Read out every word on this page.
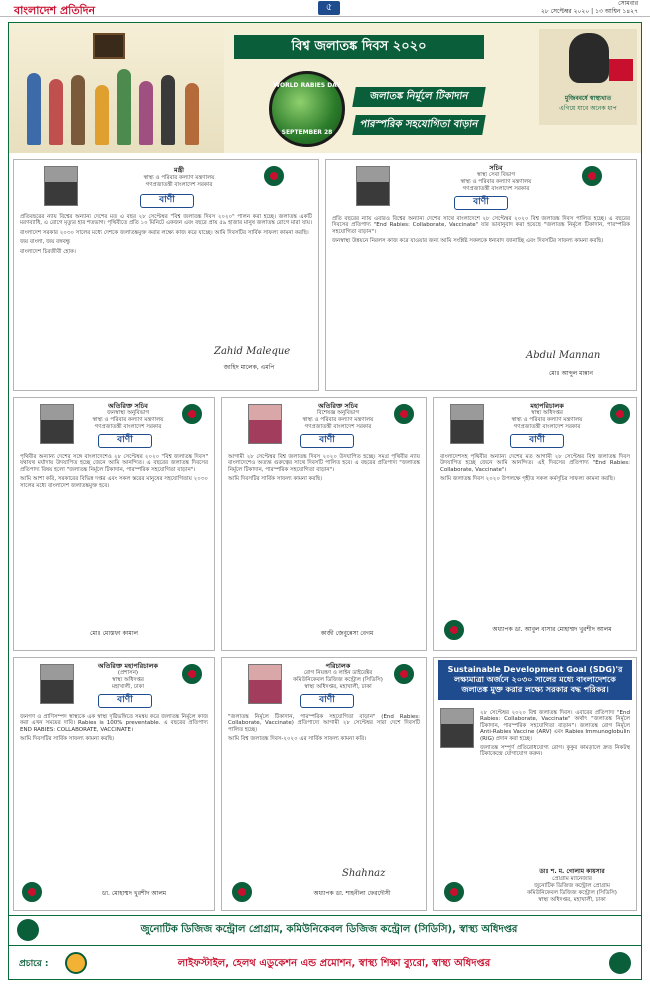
বাংলাদেশ প্রতিদিন	৫	সোমবার
২৮ সেপ্টেম্বর ২০২০ | ১৩ আশ্বিন ১৪২৭
বিশ্ব জলাতঙ্ক দিবস ২০২০
WORLD RABIES DAY
SEPTEMBER 28
জলাতঙ্ক নির্মূলে টিকাদান
পারস্পরিক সহযোগিতা বাড়ান
মুজিববর্ষে স্বাস্থ্যখাত
এগিয়ে যাবে অনেক ধাপ
মন্ত্রী
স্বাস্থ্য ও পরিবার কল্যাণ মন্ত্রণালয়
গণপ্রজাতন্ত্রী বাংলাদেশ সরকার
বাণী

প্রতিবছরের ন্যায় বিশ্বের অন্যান্য দেশের মত এ বছর ২৮ সেপ্টেম্বর "বিশ্ব জলাতঙ্ক দিবস ২০২০" পালন করা হচ্ছে। জলাতঙ্ক একটি মরণব্যাধি, এ রোগে মৃত্যুর হার শতভাগ। পৃথিবীতে প্রতি ১০ মিনিটে একজন এবং বছরে প্রায় ৫৯ হাজার মানুষ জলাতঙ্ক রোগে মারা যায়।

বাংলাদেশ সরকার ২০৩০ সালের মধ্যে দেশকে জলাতঙ্কমুক্ত করার লক্ষ্যে কাজ করে যাচ্ছে। আমি দিবসটির সার্বিক সাফল্য কামনা করছি।

জয় বাংলা, জয় বঙ্গবন্ধু

বাংলাদেশ চিরজীবী হোক।

Zahid Maleque
জাহিদ মালেক, এমপি
সচিব
স্বাস্থ্য সেবা বিভাগ
স্বাস্থ্য ও পরিবার কল্যাণ মন্ত্রণালয়
গণপ্রজাতন্ত্রী বাংলাদেশ সরকার
বাণী

প্রতি বছরের ন্যায় এবারও বিশ্বের অন্যান্য দেশের সাথে বাংলাদেশে ২৮ সেপ্টেম্বর ২০২০ বিশ্ব জলাতঙ্ক দিবস পালিত হচ্ছে। এ বছরের দিবসের প্রতিপাদ্য "End Rabies: Collaborate, Vaccinate" যার ভাবানুবাদ করা হয়েছে "জলাতঙ্ক নির্মূলে টিকাদান, পারস্পরিক সহযোগিতা বাড়ান"।

জনস্বাস্থ্য উন্নয়নে নিরলস কাজ করে যাওয়ার জন্য আমি সংশ্লিষ্ট সকলকে ধন্যবাদ জানাচ্ছি এবং দিবসটির সাফল্য কামনা করছি।

Abdul Mannan
মোঃ আব্দুল মান্নান
অতিরিক্ত সচিব
জনস্বাস্থ্য অনুবিভাগ
স্বাস্থ্য ও পরিবার কল্যাণ মন্ত্রণালয়
গণপ্রজাতন্ত্রী বাংলাদেশ সরকার
বাণী

পৃথিবীর অন্যান্য দেশের সঙ্গে বাংলাদেশেও ২৮ সেপ্টেম্বর ২০২০ "বিশ্ব জলাতঙ্ক দিবস" যথাযথ মর্যাদায় উদযাপিত হচ্ছে জেনে আমি আনন্দিত। এ বছরের জলাতঙ্ক দিবসের প্রতিপাদ্য বিষয় হলো "জলাতঙ্ক নির্মূলে টিকাদান, পারস্পরিক সহযোগিতা বাড়ান"।

আমি আশা করি, সরকারের বিভিন্ন দপ্তর এবং সকল স্তরের মানুষের সহযোগিতায় ২০৩০ সালের মধ্যে বাংলাদেশ জলাতঙ্কমুক্ত হবে।

মোঃ মোস্তফা কামাল
অতিরিক্ত সচিব
বিশেষজ্ঞ অনুবিভাগ
স্বাস্থ্য ও পরিবার কল্যাণ মন্ত্রণালয়
গণপ্রজাতন্ত্রী বাংলাদেশ সরকার
বাণী

আগামী ২৮ সেপ্টেম্বর বিশ্ব জলাতঙ্ক দিবস ২০২০ উদযাপিত হচ্ছে। সমগ্র পৃথিবীর ন্যায় বাংলাদেশেও অত্যন্ত গুরুত্বের সাথে দিবসটি পালিত হবে। এ বছরের প্রতিপাদ্য "জলাতঙ্ক নির্মূলে টিকাদান, পারস্পরিক সহযোগিতা বাড়ান"।

আমি দিবসটির সার্বিক সাফল্য কামনা করছি।

কাজী জেবুন্নেসা বেগম
মহাপরিচালক
স্বাস্থ্য অধিদপ্তর
স্বাস্থ্য ও পরিবার কল্যাণ মন্ত্রণালয়
গণপ্রজাতন্ত্রী বাংলাদেশ সরকার
বাণী

বাংলাদেশসহ পৃথিবীর অন্যান্য দেশের মত আগামী ২৮ সেপ্টেম্বর বিশ্ব জলাতঙ্ক দিবস উদযাপিত হচ্ছে জেনে আমি আনন্দিত। এই দিবসের প্রতিপাদ্য "End Rabies: Collaborate, Vaccinate"।

আমি জলাতঙ্ক দিবস ২০২০ উপলক্ষে গৃহীত সকল কর্মসূচির সাফল্য কামনা করছি।

অধ্যাপক ডা. আবুল বাসার মোহাম্মদ খুরশীদ আলম
অতিরিক্ত মহাপরিচালক
(প্রশাসন)
স্বাস্থ্য অধিদপ্তর
মহাখালী, ঢাকা
বাণী

জনগণ ও প্রাণিসম্পদ স্বাস্থ্যকে এক স্বাস্থ্য দৃষ্টিভঙ্গিতে সমন্বয় করে জলাতঙ্ক নির্মূলে কাজ করা এখন সময়ের দাবি। Rabies is 100% preventable. এ বছরের প্রতিপাদ্য END RABIES: COLLABORATE, VACCINATE।

আমি দিবসটির সার্বিক সাফল্য কামনা করছি।

ডা. মোহাম্মদ খুরশীদ আলম
পরিচালক
রোগ নিয়ন্ত্রণ ও লাইন ডাইরেক্টর
কমিউনিকেবল ডিজিজ কন্ট্রোল (সিডিসি)
স্বাস্থ্য অধিদপ্তর, মহাখালী, ঢাকা
বাণী

"জলাতঙ্ক নির্মূলে টিকাদান, পারস্পরিক সহযোগিতা বাড়ান" (End Rabies: Collaborate, Vaccinate) প্রতিপাদ্যে আগামী ২৮ সেপ্টেম্বর সারা দেশে দিবসটি পালিত হচ্ছে।

আমি বিশ্ব জলাতঙ্ক দিবস-২০২০ এর সার্বিক সাফল্য কামনা করি।

Shahnaz
অধ্যাপক ডা. শাহনীলা ফেরদৌসী
Sustainable Development Goal (SDG)'র লক্ষ্যমাত্রা অর্জনে ২০৩০ সালের মধ্যে বাংলাদেশকে জলাতঙ্ক মুক্ত করার লক্ষ্যে সরকার বদ্ধ পরিকর।

২৮ সেপ্টেম্বর ২০২০ বিশ্ব জলাতঙ্ক দিবস। এবারের প্রতিপাদ্য "End Rabies: Collaborate, Vaccinate" অর্থাৎ "জলাতঙ্ক নির্মূলে টিকাদান, পারস্পরিক সহযোগিতা বাড়ান"। জলাতঙ্ক রোগ নির্মূলে Anti-Rabies Vaccine (ARV) এবং Rabies Immunoglobulin (RIG) প্রদান করা হচ্ছে।

জলাতঙ্ক সম্পূর্ণ প্রতিরোধযোগ্য রোগ। কুকুর কামড়ালে দ্রুত নিকটস্থ টিকাকেন্দ্রে যোগাযোগ করুন।

ডাঃ শ. ম. গোলাম কায়সার
প্রোগ্রাম ম্যানেজার
জুনোটিক ডিজিজ কন্ট্রোল প্রোগ্রাম
কমিউনিকেবল ডিজিজ কন্ট্রোল (সিডিসি)
স্বাস্থ্য অধিদপ্তর, মহাখালী, ঢাকা
জুনোটিক ডিজিজ কন্ট্রোল প্রোগ্রাম, কমিউনিকেবল ডিজিজ কন্ট্রোল (সিডিসি), স্বাস্থ্য অধিদপ্তর
প্রচারে :	লাইফস্টাইল, হেলথ এডুকেশন এন্ড প্রমোশন, স্বাস্থ্য শিক্ষা ব্যুরো, স্বাস্থ্য অধিদপ্তর
